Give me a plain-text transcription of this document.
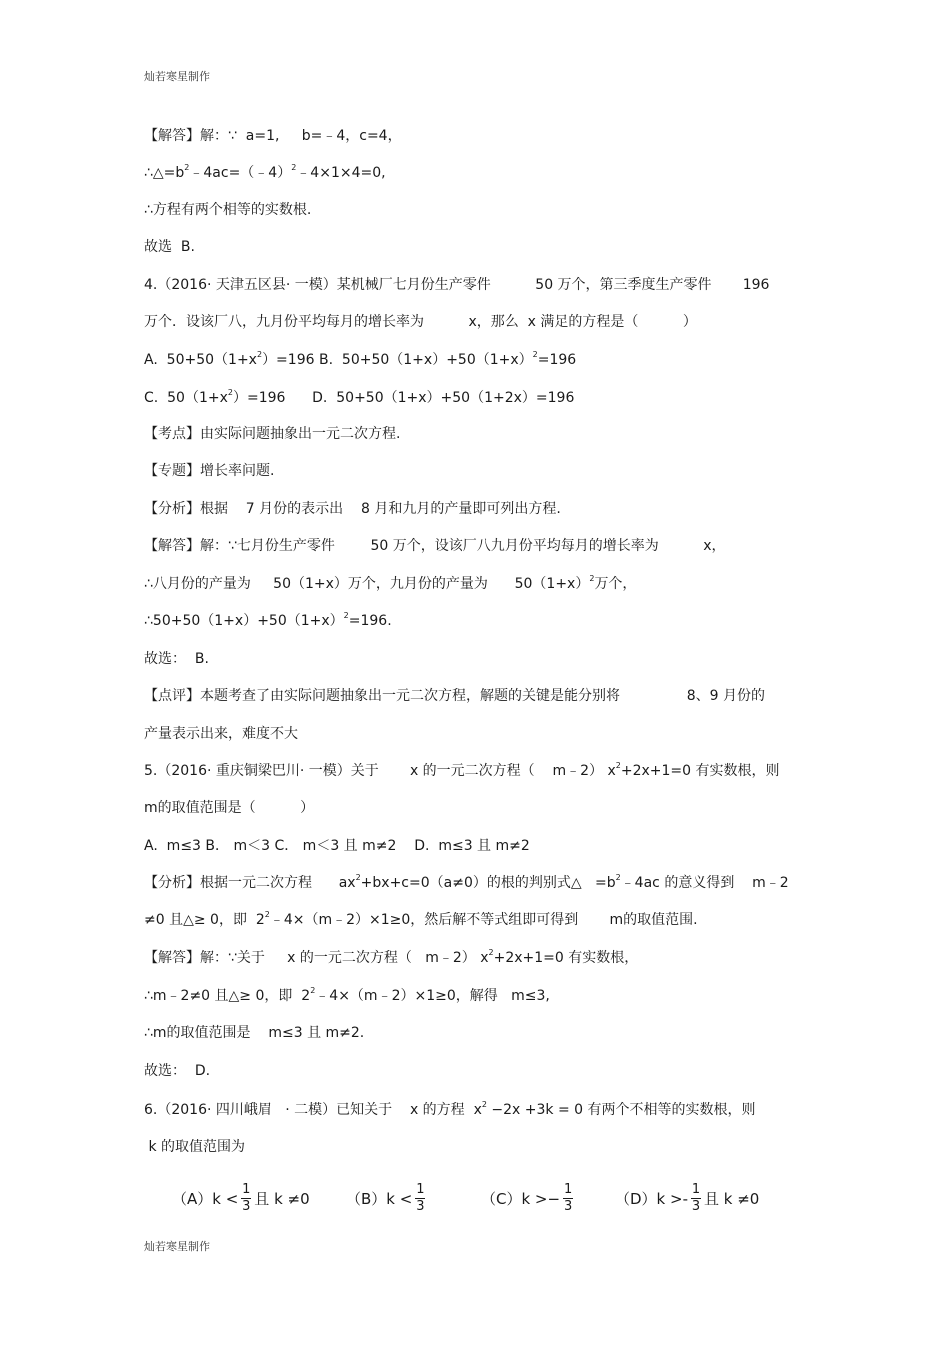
灿若寒星制作
【解答】解：∵  a=1,     b=﹣4，c=4，
$\therefore\triangle=b^2﹣4ac=(﹣4)^2﹣4\times 1\times 4=0$,
∴方程有两个相等的实数根.
故选  B.
4.（2016· 天津五区县· 一模）某机械厂七月份生产零件          50 万个，第三季度生产零件       196
万个．设该厂八，九月份平均每月的增长率为          x，那么  x 满足的方程是（          ）
A.  $50+50(1+x^2)=196$ B.  $50+50(1+x)+50(1+x)^2=196$
C.  $50(1+x^2)=196$      D.  50+50（1+x）+50（1+2x）=196
【考点】由实际问题抽象出一元二次方程.
【专题】增长率问题.
【分析】根据    7 月份的表示出    8 月和九月的产量即可列出方程.
【解答】解：∵七月份生产零件        50 万个，设该厂八九月份平均每月的增长率为          x，
∴八月份的产量为     50（1+x）万个，九月份的产量为      $50(1+x)^2$万个，
$\therefore 50+50(1+x)+50(1+x)^2=196$.
故选：  B.
【点评】本题考查了由实际问题抽象出一元二次方程，解题的关键是能分别将               8、9 月份的
产量表示出来，难度不大
5.（2016· 重庆铜梁巴川· 一模）关于       x 的一元二次方程（    m﹣2） $x^2+2x+1=0$ 有实数根，则
m的取值范围是（          ）
A.  m≤3 B． m＜3 C． m＜3 且 m≠2    D.  m≤3 且 m≠2
【分析】根据一元二次方程      $ax^2+bx+c=0(a\ne 0)$的根的判别式△   $=b^2﹣4ac$ 的意义得到    m﹣2
≠0 且△≥ 0，即  $2^2﹣4\times(m﹣2)\times 1\ge 0$，然后解不等式组即可得到       m的取值范围.
【解答】解：∵关于     x 的一元二次方程（   m﹣2） $x^2+2x+1=0$ 有实数根，
∴m﹣2≠0 且△≥ 0，即  $2^2﹣4\times(m﹣2)\times 1\ge 0$，解得   m≤3,
∴m的取值范围是    m≤3 且 m≠2.
故选：  D.
6.（2016· 四川峨眉   · 二模）已知关于    x 的方程  $x^2 -2x +3k = 0$ 有两个不相等的实数根，则
k 的取值范围为
$(A)k < \frac{1}{3}$ 且 k ≠0 $(B)k < \frac{1}{3}$	$(C)k >- \frac{1}{3}$	$(D)k >- \frac{1}{3}$ 且 k ≠0
灿若寒星制作
